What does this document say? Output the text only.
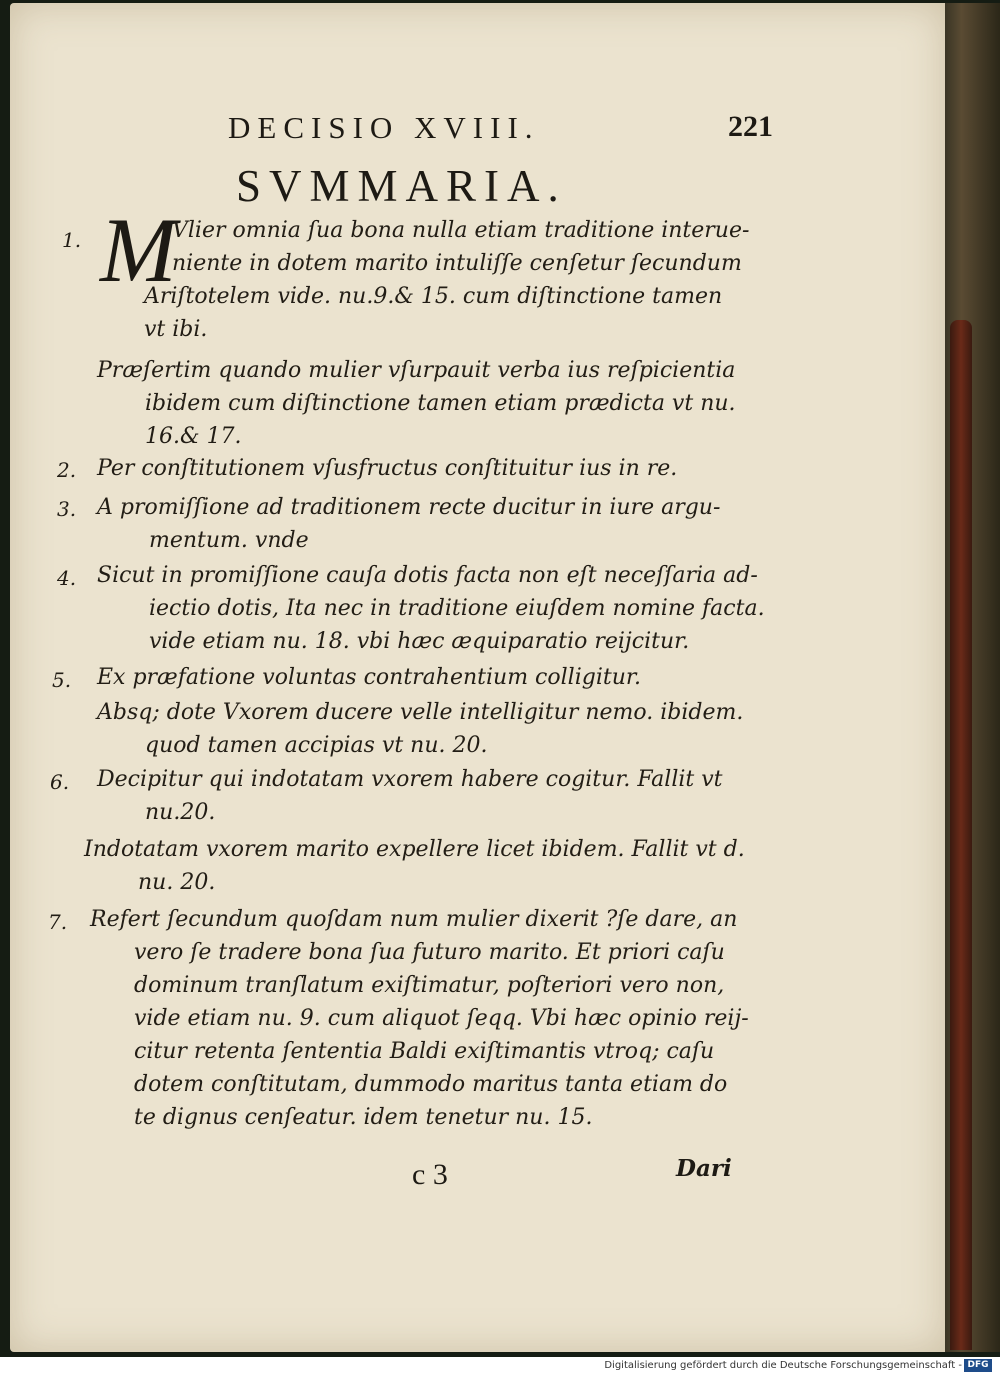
DECISIO XVIII.	221
SVMMARIA.
M
1.	Vlier omnia ſua bona nulla etiam traditione interue-
niente in dotem marito intuliſſe cenſetur ſecundum
Ariſtotelem vide. nu.9.& 15. cum diſtinctione tamen
vt ibi.
Præſertim quando mulier vſurpauit verba ius reſpicientia
ibidem cum diſtinctione tamen etiam prædicta vt nu.
16.& 17.
2. Per conſtitutionem vſusfructus conſtituitur ius in re.
3. A promiſſione ad traditionem recte ducitur in iure argu-
mentum. vnde
4. Sicut in promiſſione cauſa dotis facta non eſt neceſſaria ad-
iectio dotis, Ita nec in traditione eiuſdem nomine facta.
vide etiam nu. 18. vbi hæc æquiparatio reijcitur.
5. Ex præfatione voluntas contrahentium colligitur.
Absq; dote Vxorem ducere velle intelligitur nemo. ibidem.
quod tamen accipias vt nu. 20.
6. Decipitur qui indotatam vxorem habere cogitur. Fallit vt
nu.20.
Indotatam vxorem marito expellere licet ibidem. Fallit vt d.
nu. 20.
7. Refert ſecundum quoſdam num mulier dixerit ?ſe dare, an
vero ſe tradere bona ſua futuro marito. Et priori caſu
dominum tranſlatum exiſtimatur, poſteriori vero non,
vide etiam nu. 9. cum aliquot ſeqq. Vbi hæc opinio reij-
citur retenta ſententia Baldi exiſtimantis vtroq; caſu
dotem conſtitutam, dummodo maritus tanta etiam do
te dignus cenſeatur. idem tenetur nu. 15.
c 3	Dari
Digitalisierung gefördert durch die Deutsche Forschungsgemeinschaft - DFG
